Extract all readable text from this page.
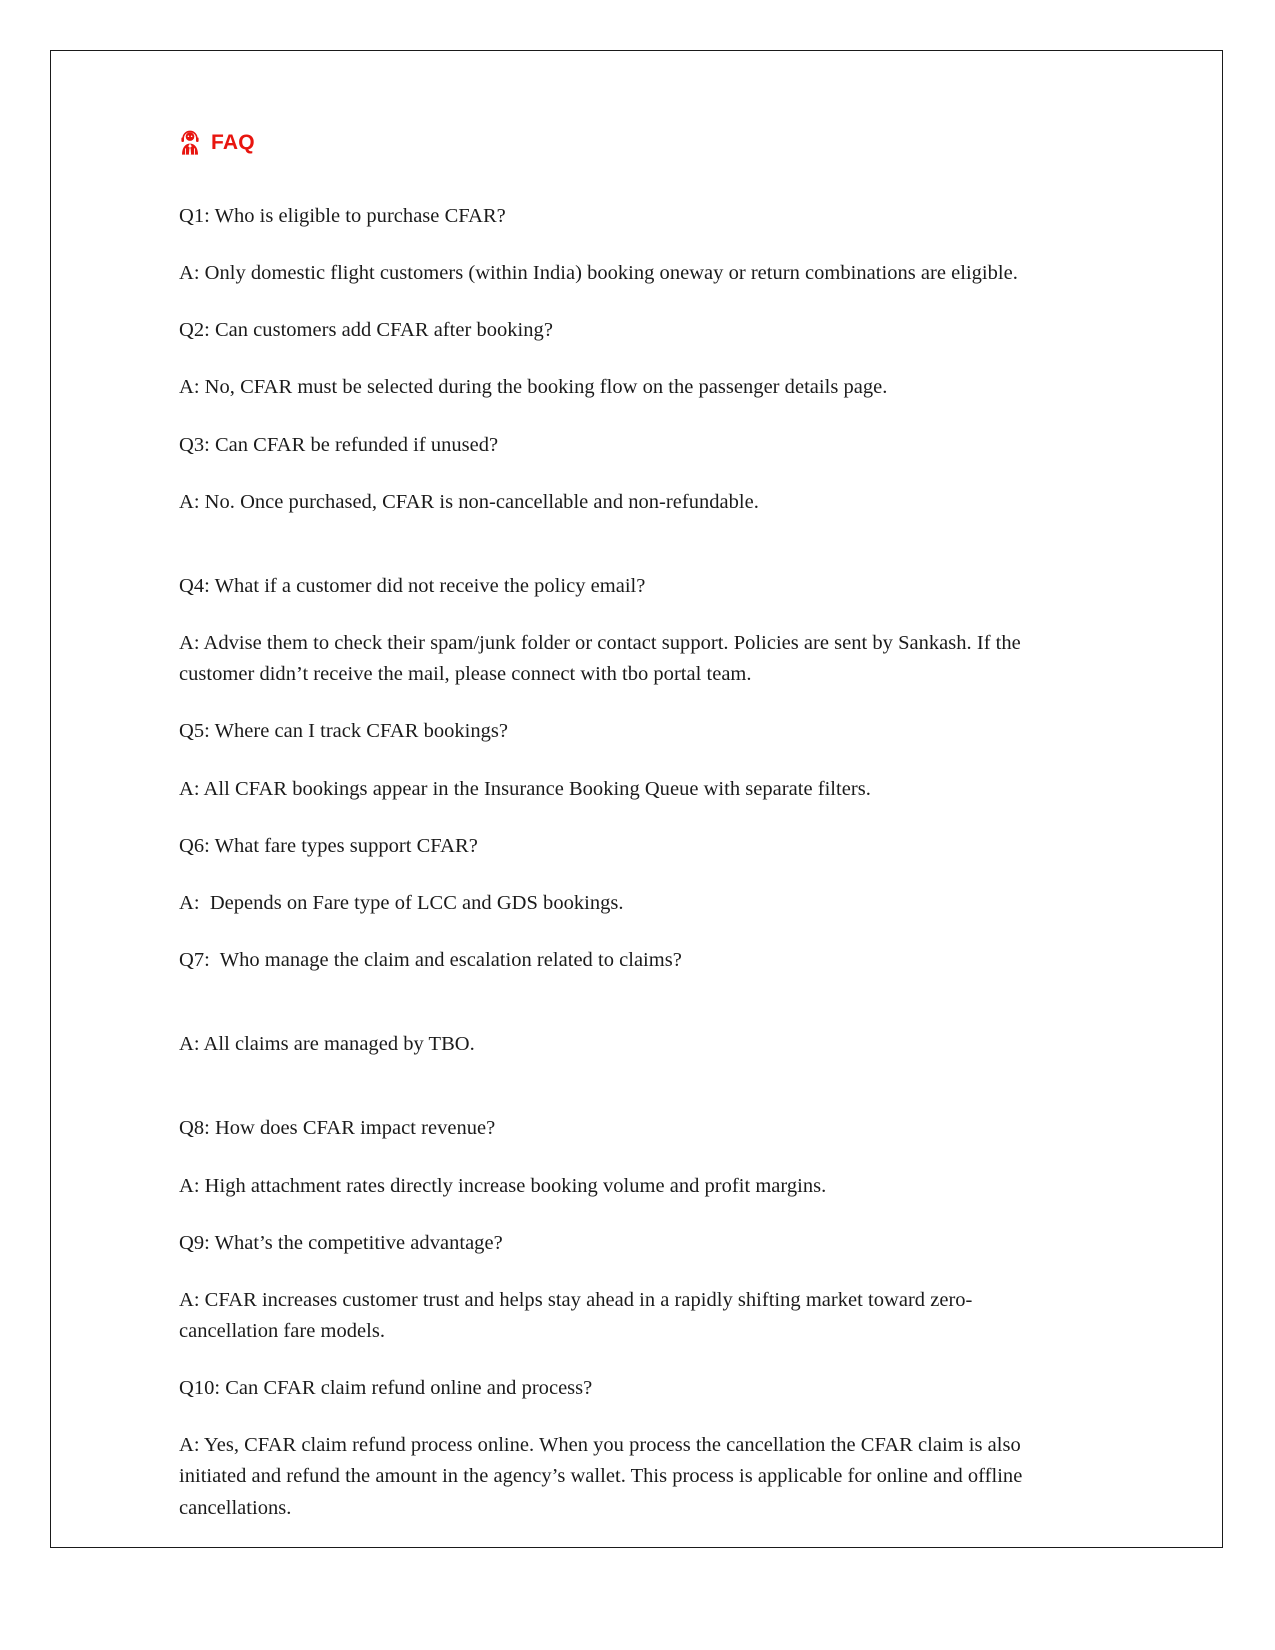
FAQ

Q1: Who is eligible to purchase CFAR?

A: Only domestic flight customers (within India) booking oneway or return combinations are eligible.

Q2: Can customers add CFAR after booking?

A: No, CFAR must be selected during the booking flow on the passenger details page.

Q3: Can CFAR be refunded if unused?

A: No. Once purchased, CFAR is non-cancellable and non-refundable.

Q4: What if a customer did not receive the policy email?

A: Advise them to check their spam/junk folder or contact support. Policies are sent by Sankash. If the customer didn’t receive the mail, please connect with tbo portal team.

Q5: Where can I track CFAR bookings?

A: All CFAR bookings appear in the Insurance Booking Queue with separate filters.

Q6: What fare types support CFAR?

A:  Depends on Fare type of LCC and GDS bookings.

Q7:  Who manage the claim and escalation related to claims?

A: All claims are managed by TBO.

Q8: How does CFAR impact revenue?

A: High attachment rates directly increase booking volume and profit margins.

Q9: What’s the competitive advantage?

A: CFAR increases customer trust and helps stay ahead in a rapidly shifting market toward zero-cancellation fare models.

Q10: Can CFAR claim refund online and process?

A: Yes, CFAR claim refund process online. When you process the cancellation the CFAR claim is also initiated and refund the amount in the agency’s wallet. This process is applicable for online and offline cancellations.
